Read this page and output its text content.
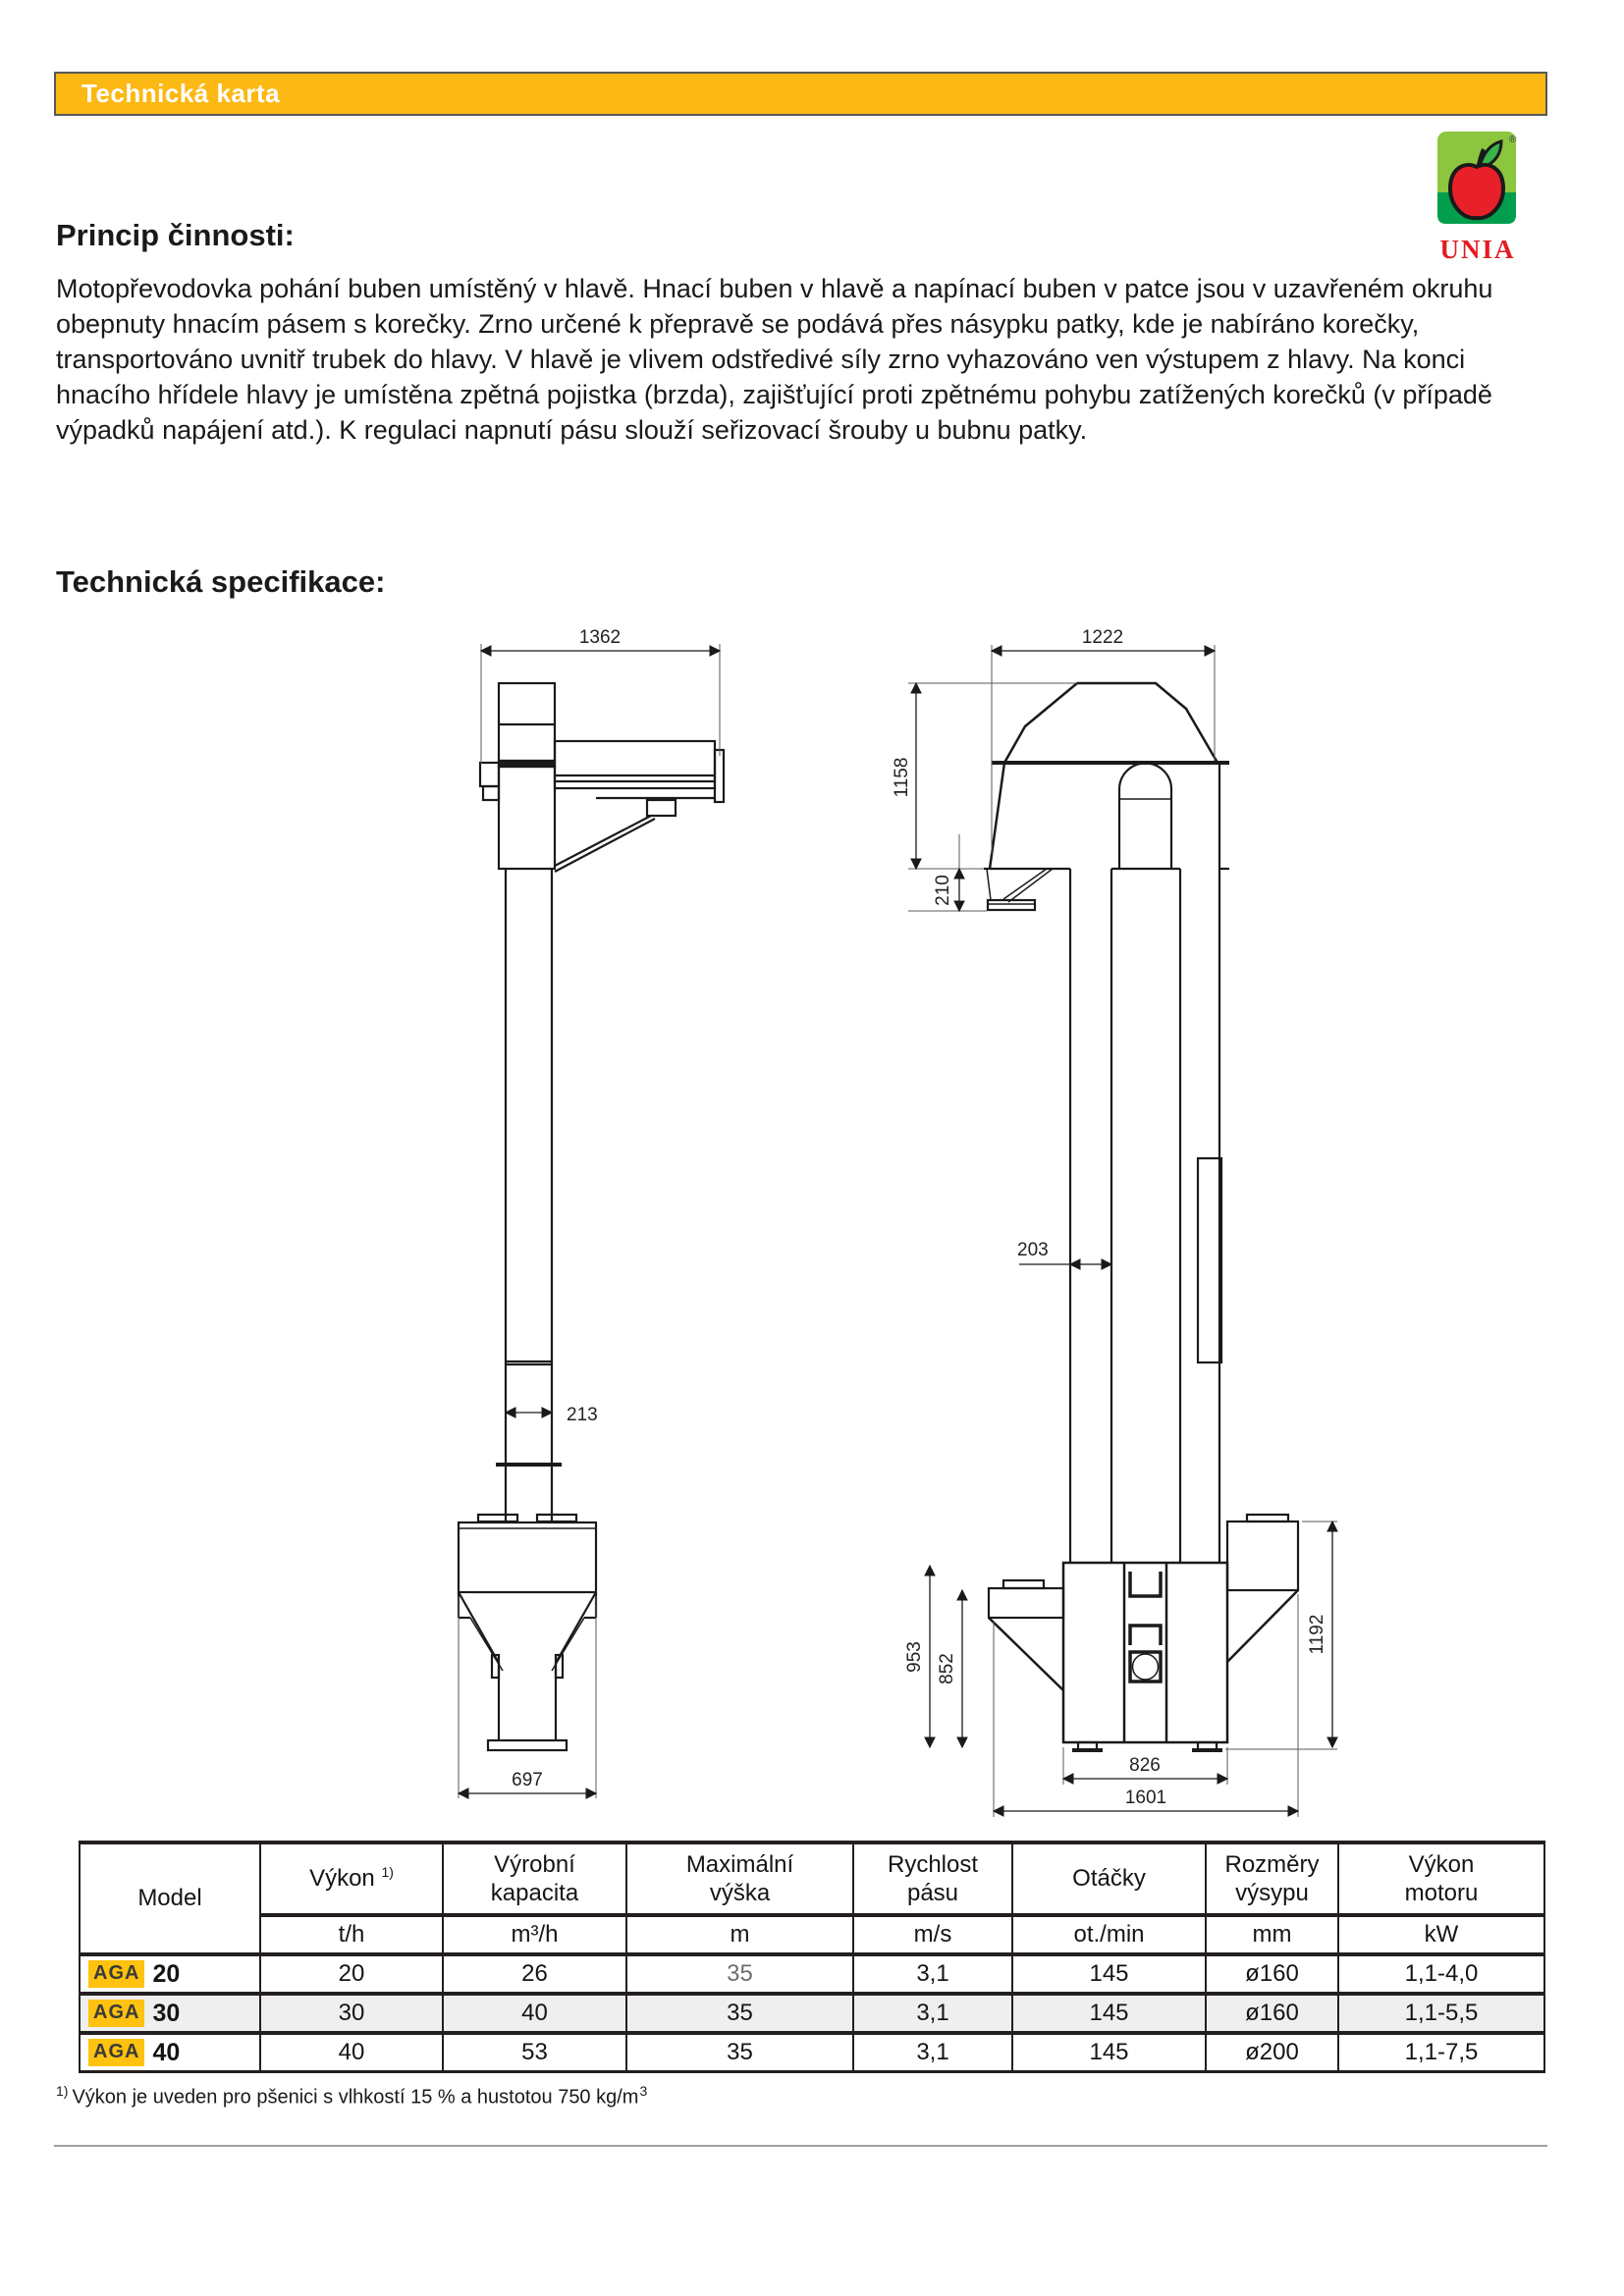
Technická karta
®
UNIA
Princip činnosti:
Motopřevodovka pohání buben umístěný v hlavě. Hnací buben v hlavě a napínací buben v patce jsou v uzavřeném okruhu obepnuty hnacím pásem s korečky. Zrno určené k přepravě se podává přes násypku patky, kde je nabíráno korečky, transportováno uvnitř trubek do hlavy. V hlavě je vlivem odstředivé síly zrno vyhazováno ven výstupem z hlavy. Na konci hnacího hřídele hlavy je umístěna zpětná pojistka (brzda), zajišťující proti zpětnému pohybu zatížených korečků (v případě výpadků napájení atd.). K regulaci napnutí pásu slouží seřizovací šrouby u bubnu patky.
Technická specifikace:
1362
213
697
1222
1158
210
203
953 852
1192
826
1601
Model	Výkon $^{1)}$	Výrobní kapacita	Maximální výška	Rychlost pásu	Otáčky	Rozměry výsypu	Výkon motoru
	t/h	m³/h	m	m/s	ot./min	mm	kW
AGA 20	20	26	35	3,1	145	ø160	1,1-4,0
AGA 30	30	40	35	3,1	145	ø160	1,1-5,5
AGA 40	40	53	35	3,1	145	ø200	1,1-7,5
$^{1)}$ Výkon je uveden pro pšenici s vlhkostí 15 % a hustotou 750 $kg/m^3$
